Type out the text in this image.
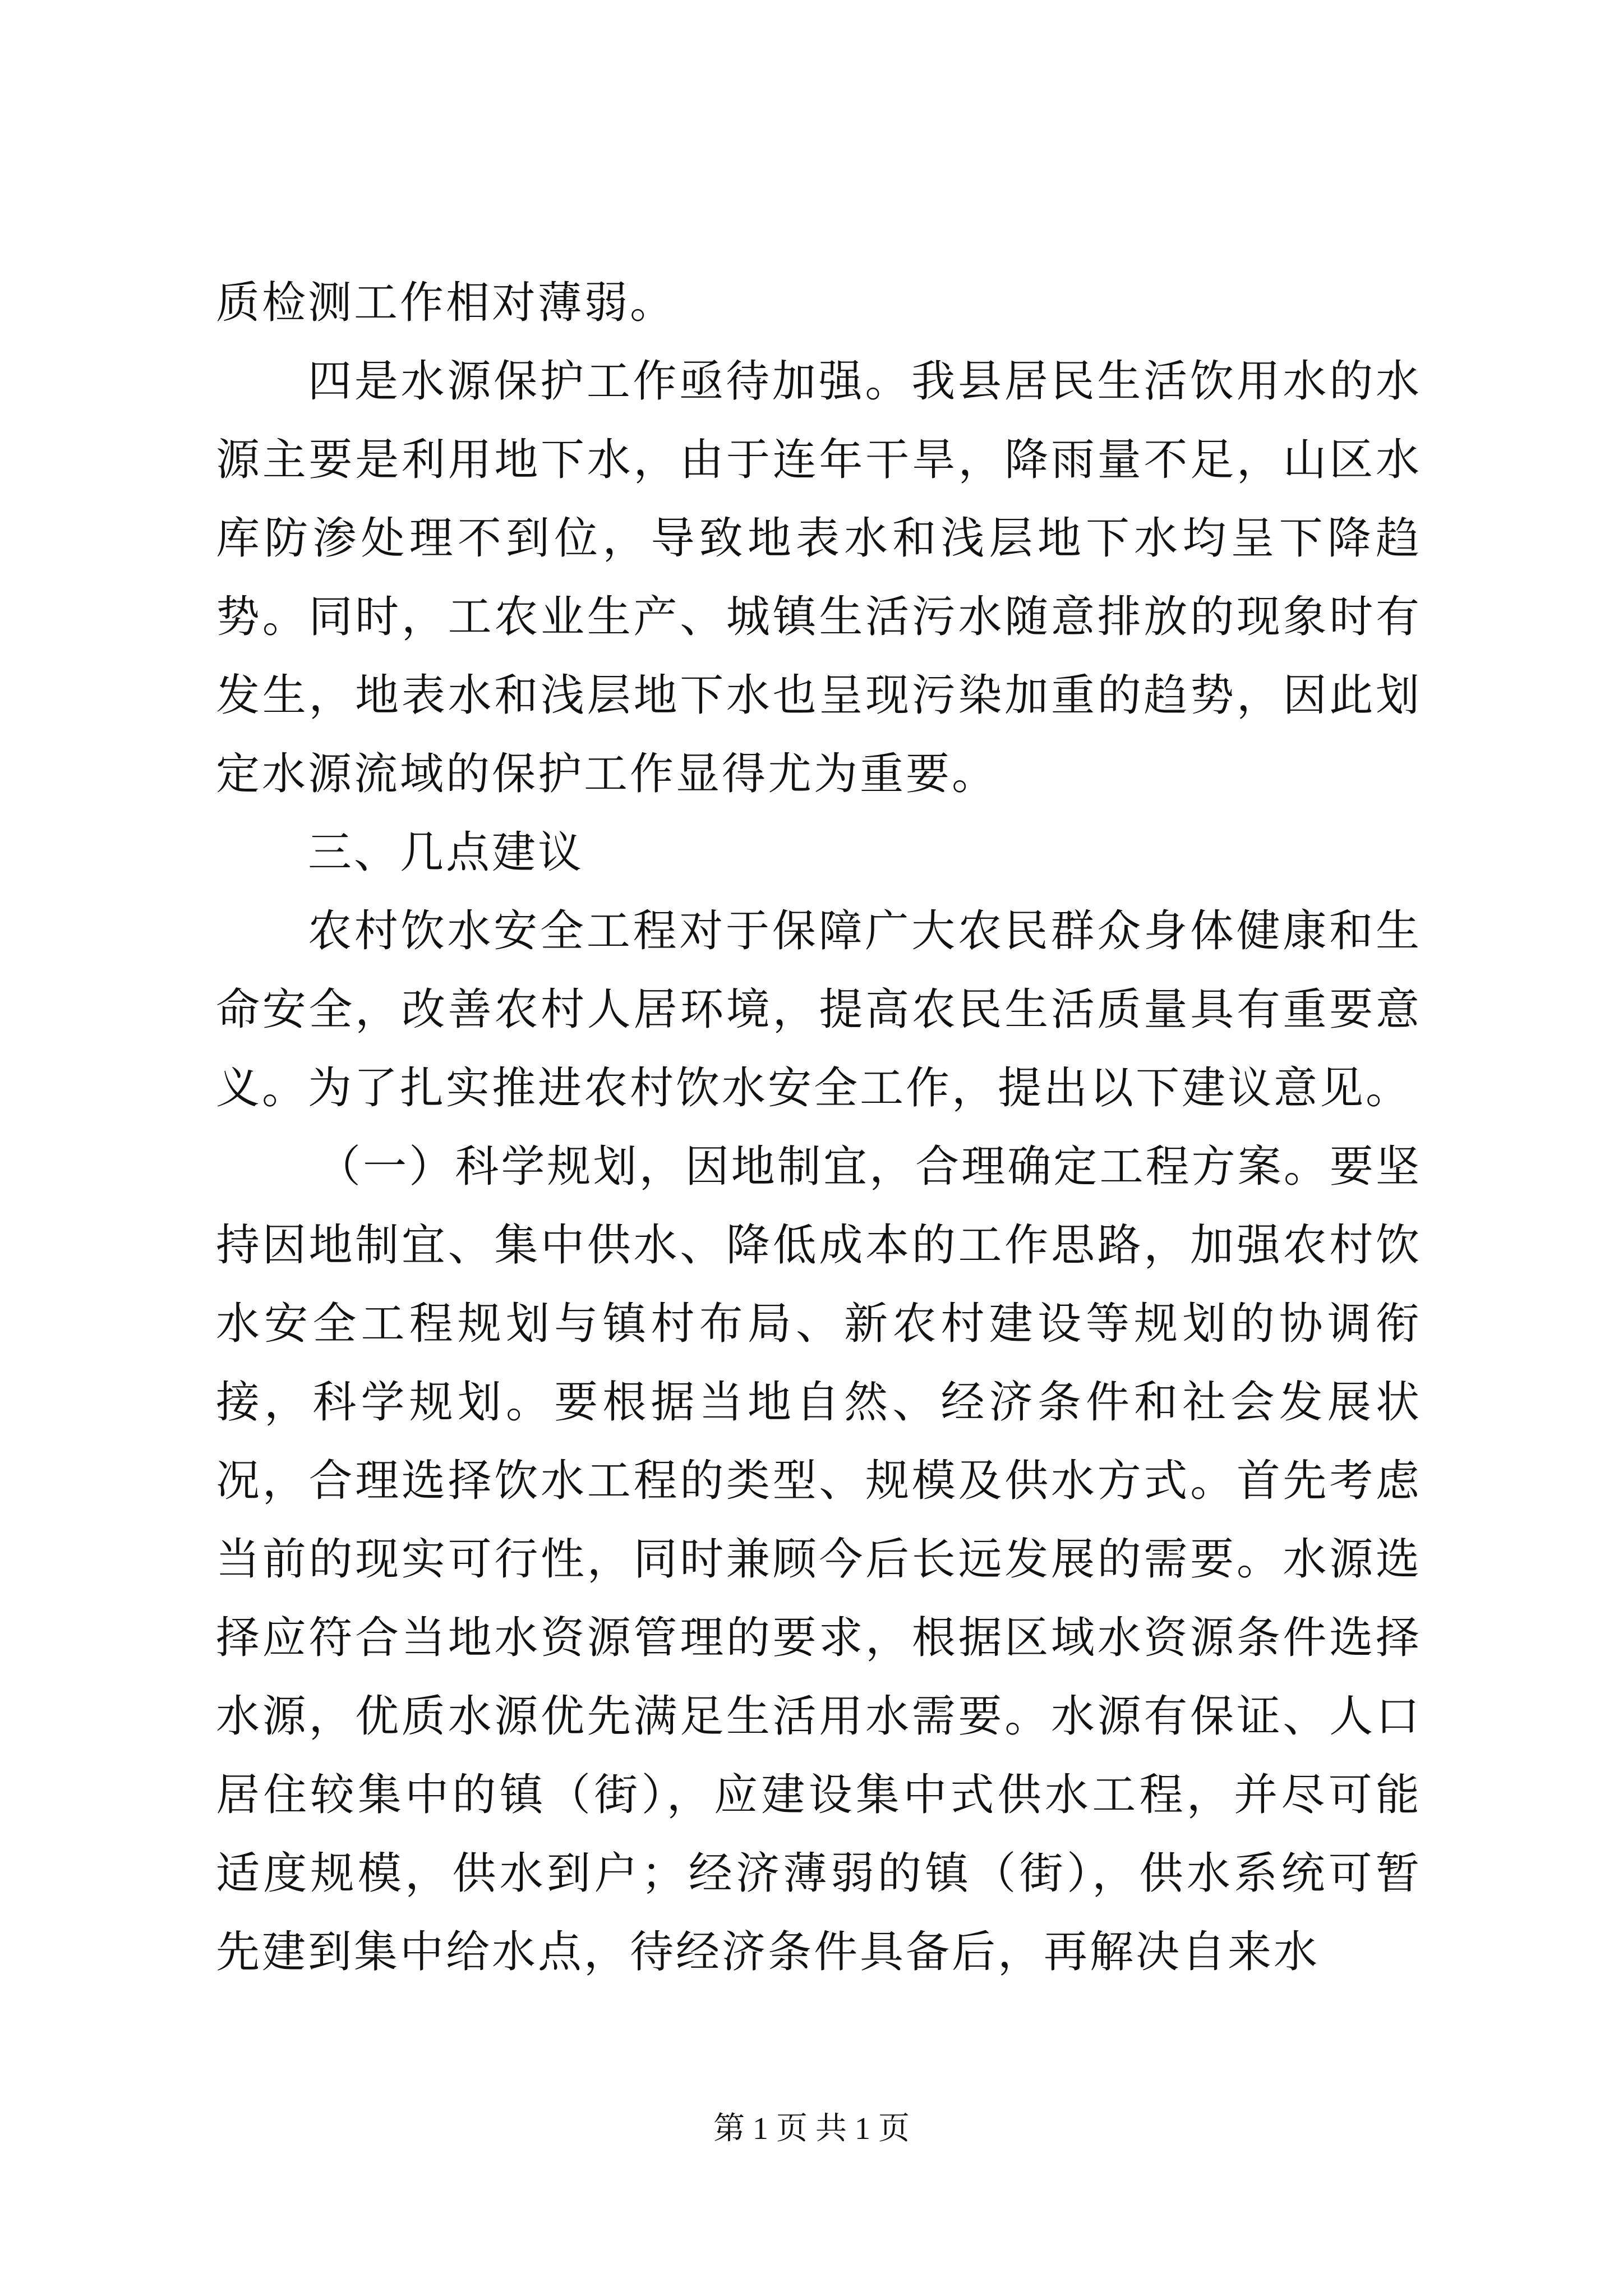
质检测工作相对薄弱。

四是水源保护工作亟待加强。我县居民生活饮用水的水源主要是利用地下水，由于连年干旱，降雨量不足，山区水库防渗处理不到位，导致地表水和浅层地下水均呈下降趋势。同时，工农业生产、城镇生活污水随意排放的现象时有发生，地表水和浅层地下水也呈现污染加重的趋势，因此划定水源流域的保护工作显得尤为重要。

三、几点建议

农村饮水安全工程对于保障广大农民群众身体健康和生命安全，改善农村人居环境，提高农民生活质量具有重要意义。为了扎实推进农村饮水安全工作，提出以下建议意见。

（一）科学规划，因地制宜，合理确定工程方案。要坚持因地制宜、集中供水、降低成本的工作思路，加强农村饮水安全工程规划与镇村布局、新农村建设等规划的协调衔接，科学规划。要根据当地自然、经济条件和社会发展状况，合理选择饮水工程的类型、规模及供水方式。首先考虑当前的现实可行性，同时兼顾今后长远发展的需要。水源选择应符合当地水资源管理的要求，根据区域水资源条件选择水源，优质水源优先满足生活用水需要。水源有保证、人口居住较集中的镇（街），应建设集中式供水工程，并尽可能适度规模，供水到户；经济薄弱的镇（街），供水系统可暂先建到集中给水点，待经济条件具备后，再解决自来水

第 1 页 共 1 页
